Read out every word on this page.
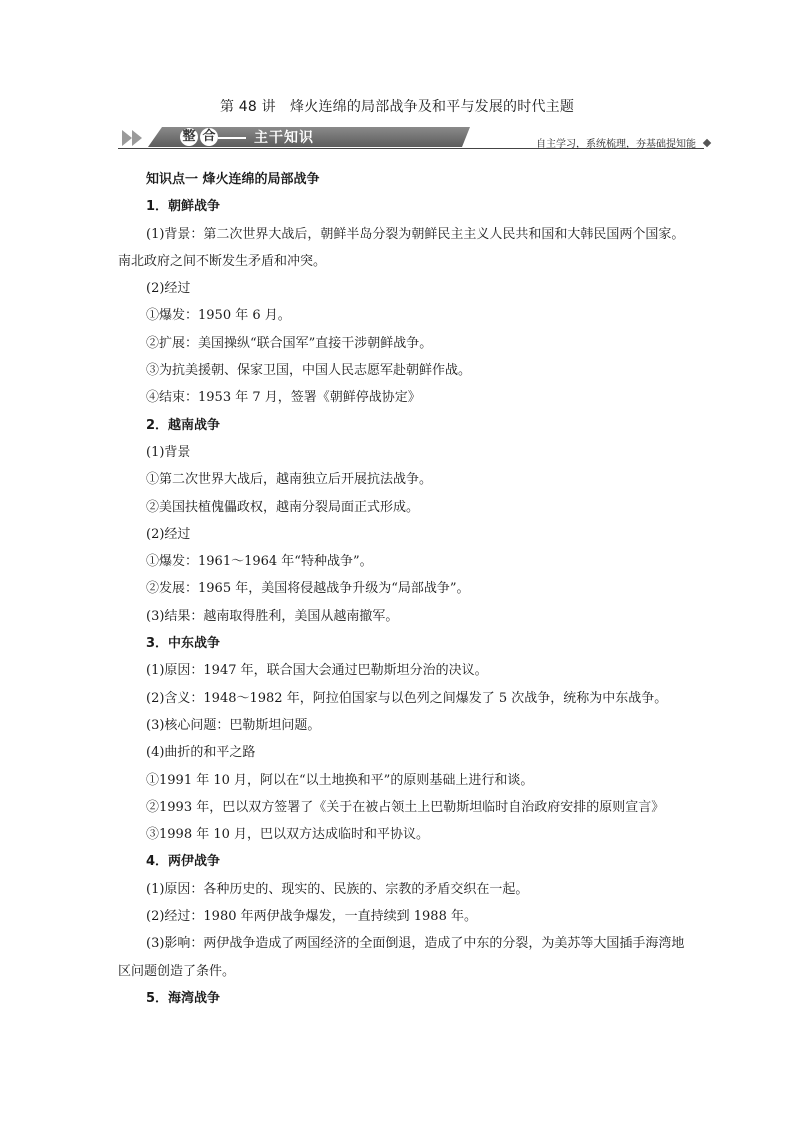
第 48 讲　烽火连绵的局部战争及和平与发展的时代主题
整 合	主干知识	自主学习，系统梳理，夯基础提知能

知识点一 烽火连绵的局部战争

1．朝鲜战争

(1)背景：第二次世界大战后，朝鲜半岛分裂为朝鲜民主主义人民共和国和大韩民国两个国家。南北政府之间不断发生矛盾和冲突。

(2)经过

①爆发：1950 年 6 月。

②扩展：美国操纵“联合国军”直接干涉朝鲜战争。

③为抗美援朝、保家卫国，中国人民志愿军赴朝鲜作战。

④结束：1953 年 7 月，签署《朝鲜停战协定》

2．越南战争

(1)背景

①第二次世界大战后，越南独立后开展抗法战争。

②美国扶植傀儡政权，越南分裂局面正式形成。

(2)经过

①爆发：1961～1964 年“特种战争”。

②发展：1965 年，美国将侵越战争升级为“局部战争”。

(3)结果：越南取得胜利，美国从越南撤军。

3．中东战争

(1)原因：1947 年，联合国大会通过巴勒斯坦分治的决议。

(2)含义：1948～1982 年，阿拉伯国家与以色列之间爆发了 5 次战争，统称为中东战争。

(3)核心问题：巴勒斯坦问题。

(4)曲折的和平之路

①1991 年 10 月，阿以在“以土地换和平”的原则基础上进行和谈。

②1993 年，巴以双方签署了《关于在被占领土上巴勒斯坦临时自治政府安排的原则宣言》

③1998 年 10 月，巴以双方达成临时和平协议。

4．两伊战争

(1)原因：各种历史的、现实的、民族的、宗教的矛盾交织在一起。

(2)经过：1980 年两伊战争爆发，一直持续到 1988 年。

(3)影响：两伊战争造成了两国经济的全面倒退，造成了中东的分裂，为美苏等大国插手海湾地区问题创造了条件。

5．海湾战争
